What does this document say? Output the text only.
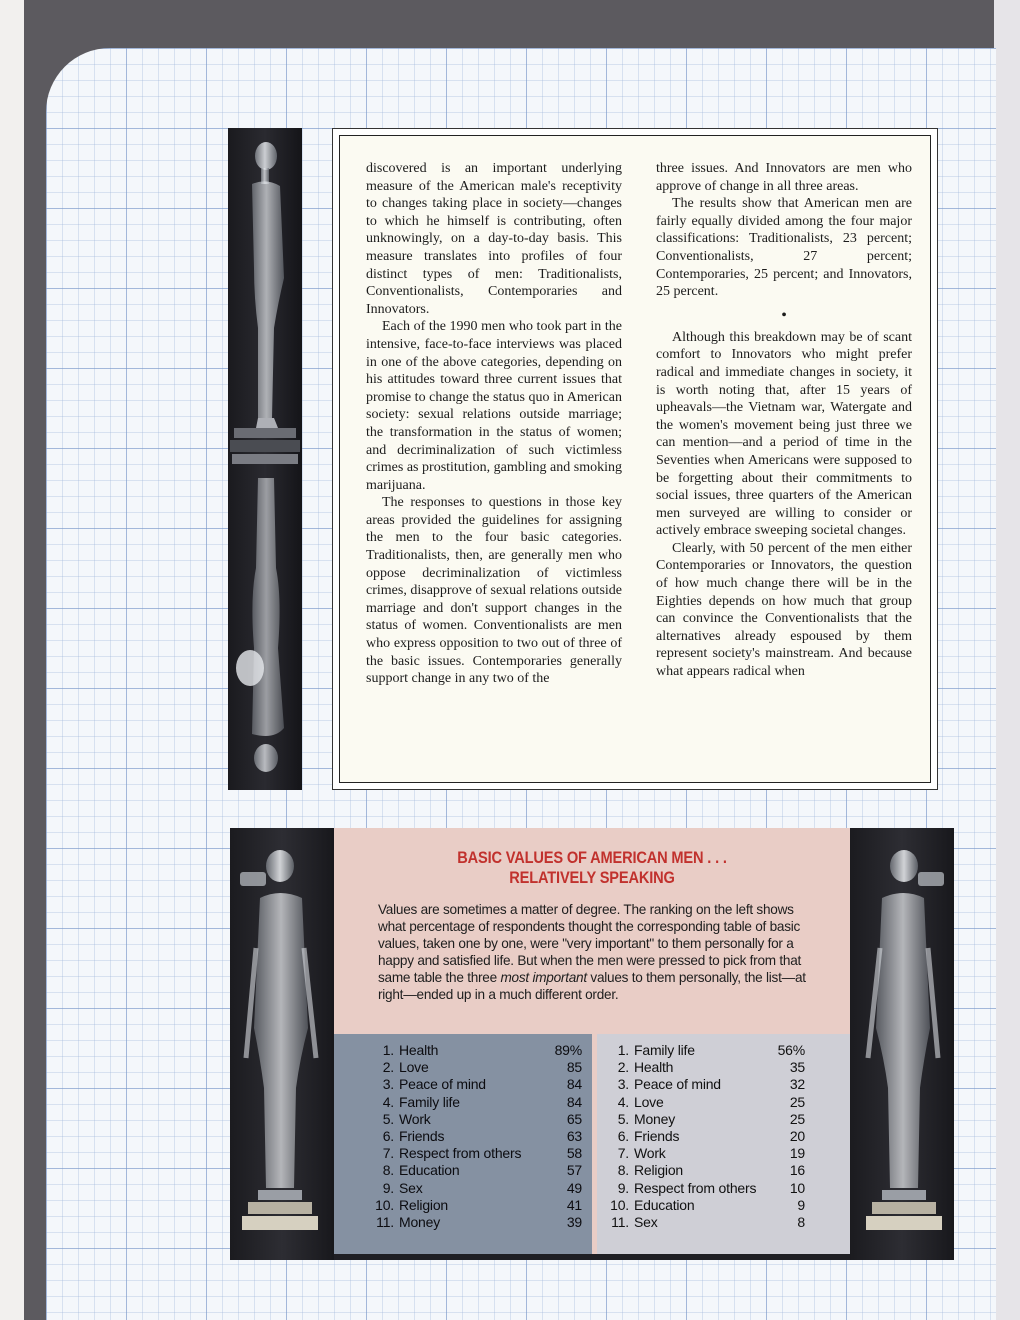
discovered is an important underlying measure of the American male's receptivity to changes taking place in society—changes to which he himself is contributing, often unknowingly, on a day-to-day basis. This measure translates into profiles of four distinct types of men: Traditionalists, Conventionalists, Contemporaries and Innovators.

Each of the 1990 men who took part in the intensive, face-to-face interviews was placed in one of the above categories, depending on his attitudes toward three current issues that promise to change the status quo in American society: sexual relations outside marriage; the transformation in the status of women; and decriminalization of such victimless crimes as prostitution, gambling and smoking marijuana.

The responses to questions in those key areas provided the guidelines for assigning the men to the four basic categories. Traditionalists, then, are generally men who oppose decriminalization of victimless crimes, disapprove of sexual relations outside marriage and don't support changes in the status of women. Conventionalists are men who express opposition to two out of three of the basic issues. Contemporaries generally support change in any two of the

three issues. And Innovators are men who approve of change in all three areas.

The results show that American men are fairly equally divided among the four major classifications: Traditionalists, 23 percent; Conventionalists, 27 percent; Contemporaries, 25 percent; and Innovators, 25 percent.

•

Although this breakdown may be of scant comfort to Innovators who might prefer radical and immediate changes in society, it is worth noting that, after 15 years of upheavals—the Vietnam war, Watergate and the women's movement being just three we can mention—and a period of time in the Seventies when Americans were supposed to be forgetting about their commitments to social issues, three quarters of the American men surveyed are willing to consider or actively embrace sweeping societal changes.

Clearly, with 50 percent of the men either Contemporaries or Innovators, the question of how much change there will be in the Eighties depends on how much that group can convince the Conventionalists that the alternatives already espoused by them represent society's mainstream. And because what appears radical when

BASIC VALUES OF AMERICAN MEN . . .
RELATIVELY SPEAKING
Values are sometimes a matter of degree. The ranking on the left shows what percentage of respondents thought the corresponding table of basic values, taken one by one, were "very important" to them personally for a happy and satisfied life. But when the men were pressed to pick from that same table the three most important values to them personally, the list—at right—ended up in a much different order.
1. Health	89%
2. Love	85
3. Peace of mind	84
4. Family life	84
5. Work	65
6. Friends	63
7. Respect from others	58
8. Education	57
9. Sex	49
10. Religion	41
11. Money	39
1. Family life	56%
2. Health	35
3. Peace of mind	32
4. Love	25
5. Money	25
6. Friends	20
7. Work	19
8. Religion	16
9. Respect from others	10
10. Education	9
11. Sex	8
